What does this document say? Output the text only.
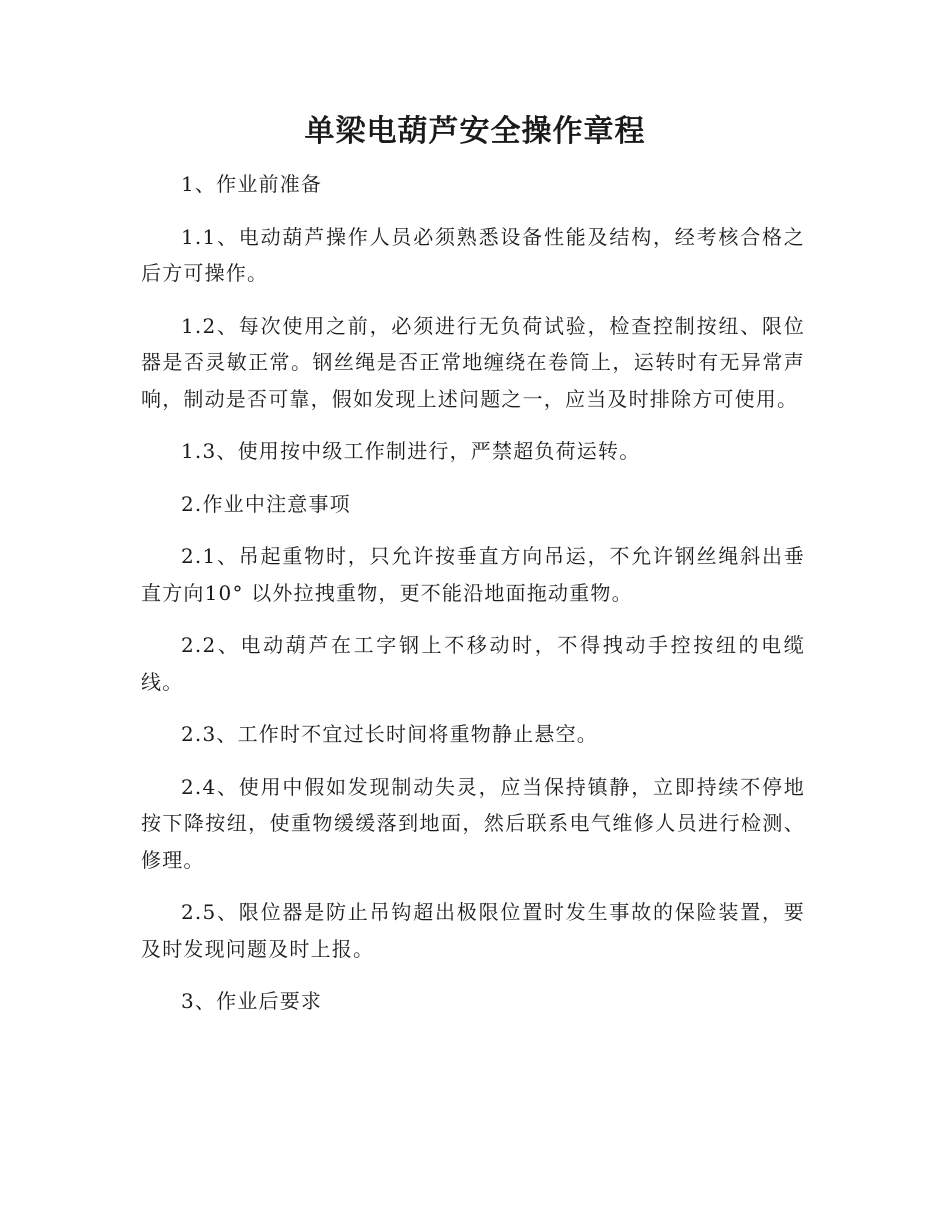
单梁电葫芦安全操作章程

1、作业前准备

1.1、电动葫芦操作人员必须熟悉设备性能及结构，经考核合格之后方可操作。

1.2、每次使用之前，必须进行无负荷试验，检查控制按纽、限位器是否灵敏正常。钢丝绳是否正常地缠绕在卷筒上，运转时有无异常声响，制动是否可靠，假如发现上述问题之一，应当及时排除方可使用。

1.3、使用按中级工作制进行，严禁超负荷运转。

2.作业中注意事项

2.1、吊起重物时，只允许按垂直方向吊运，不允许钢丝绳斜出垂直方向10° 以外拉拽重物，更不能沿地面拖动重物。

2.2、电动葫芦在工字钢上不移动时，不得拽动手控按纽的电缆线。

2.3、工作时不宜过长时间将重物静止悬空。

2.4、使用中假如发现制动失灵，应当保持镇静，立即持续不停地按下降按纽，使重物缓缓落到地面，然后联系电气维修人员进行检测、修理。

2.5、限位器是防止吊钩超出极限位置时发生事故的保险装置，要及时发现问题及时上报。

3、作业后要求
